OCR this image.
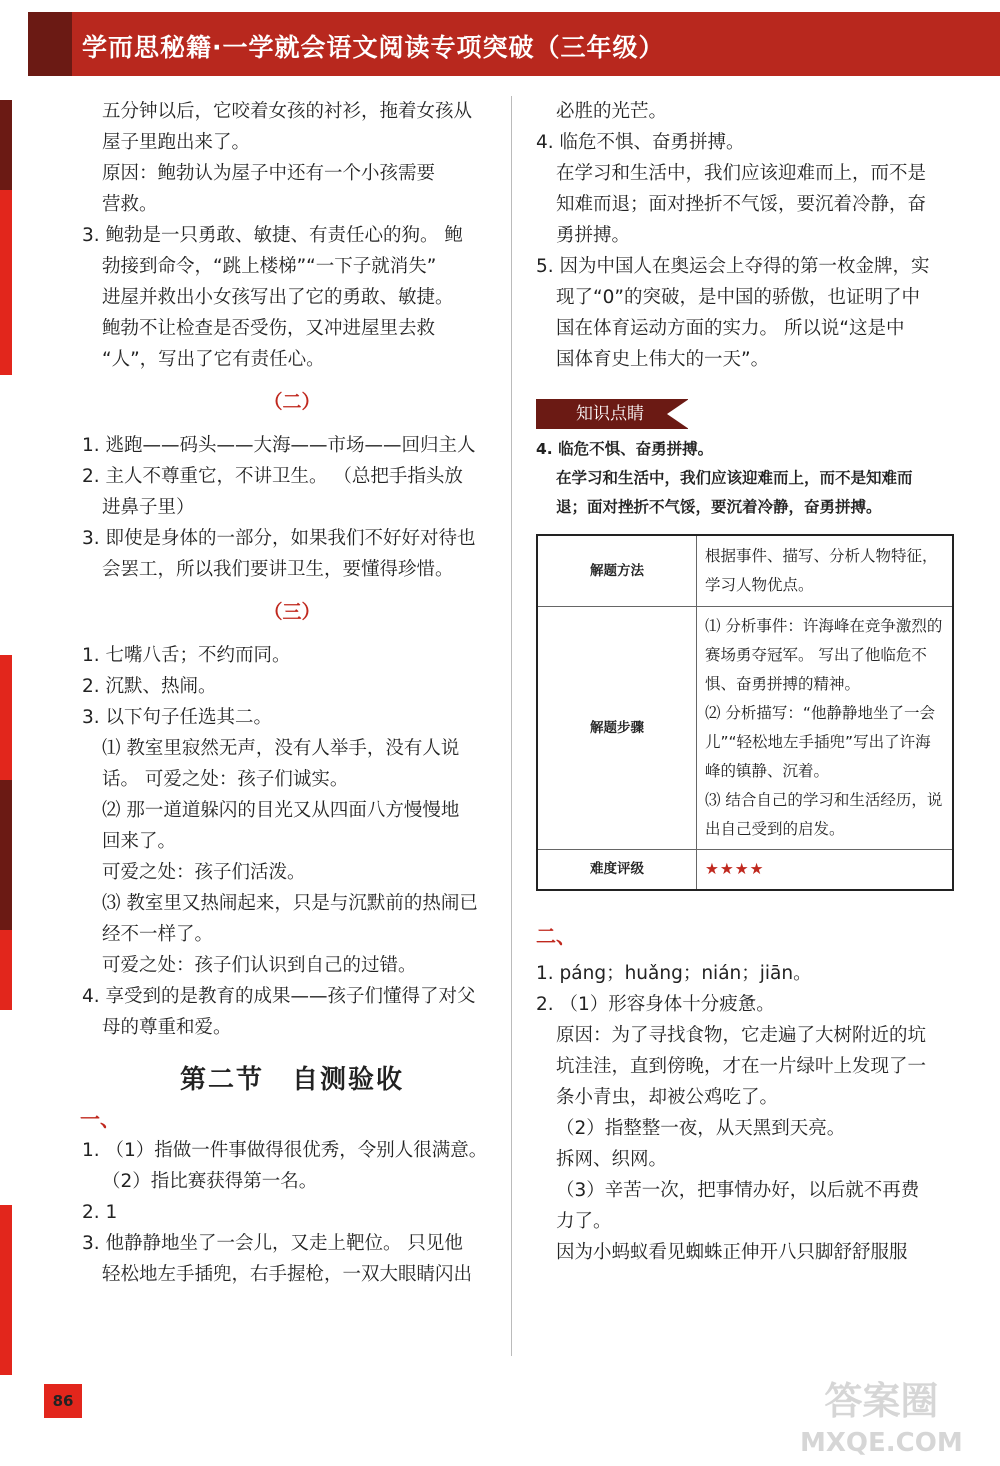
学而思秘籍·一学就会语文阅读专项突破（三年级）

五分钟以后，它咬着女孩的衬衫，拖着女孩从

屋子里跑出来了。

原因：鲍勃认为屋子中还有一个小孩需要

营救。

3. 鲍勃是一只勇敢、敏捷、有责任心的狗。 鲍

勃接到命令，“跳上楼梯”“一下子就消失”

进屋并救出小女孩写出了它的勇敢、敏捷。

鲍勃不让检查是否受伤，又冲进屋里去救

“人”，写出了它有责任心。

（二）

1. 逃跑——码头——大海——市场——回归主人

2. 主人不尊重它，不讲卫生。 （总把手指头放

进鼻子里）

3. 即使是身体的一部分，如果我们不好好对待也

会罢工，所以我们要讲卫生，要懂得珍惜。

（三）

1. 七嘴八舌；不约而同。

2. 沉默、热闹。

3. 以下句子任选其二。

⑴ 教室里寂然无声，没有人举手，没有人说

话。 可爱之处：孩子们诚实。

⑵ 那一道道躲闪的目光又从四面八方慢慢地

回来了。

可爱之处：孩子们活泼。

⑶ 教室里又热闹起来，只是与沉默前的热闹已

经不一样了。

可爱之处：孩子们认识到自己的过错。

4. 享受到的是教育的成果——孩子们懂得了对父

母的尊重和爱。

第二节 自测验收

一、

1. （1）指做一件事做得很优秀，令别人很满意。

（2）指比赛获得第一名。

2. 1

3. 他静静地坐了一会儿，又走上靶位。 只见他

轻松地左手插兜，右手握枪，一双大眼睛闪出

必胜的光芒。

4. 临危不惧、奋勇拼搏。

在学习和生活中，我们应该迎难而上，而不是

知难而退；面对挫折不气馁，要沉着冷静，奋

勇拼搏。

5. 因为中国人在奥运会上夺得的第一枚金牌，实

现了“0”的突破，是中国的骄傲，也证明了中

国在体育运动方面的实力。 所以说“这是中

国体育史上伟大的一天”。

知识点睛

4. 临危不惧、奋勇拼搏。

在学习和生活中，我们应该迎难而上，而不是知难而

退；面对挫折不气馁，要沉着冷静，奋勇拼搏。

解题方法	根据事件、描写、分析人物特征，学习人物优点。
解题步骤	⑴ 分析事件：许海峰在竞争激烈的赛场勇夺冠军。 写出了他临危不惧、奋勇拼搏的精神。
⑵ 分析描写：“他静静地坐了一会儿”“轻松地左手插兜”写出了许海峰的镇静、沉着。
⑶ 结合自己的学习和生活经历，说出自己受到的启发。

难度评级	★★★★

二、

1. páng；huǎng；nián；jiān。

2. （1）形容身体十分疲惫。

原因：为了寻找食物，它走遍了大树附近的坑

坑洼洼，直到傍晚，才在一片绿叶上发现了一

条小青虫，却被公鸡吃了。

（2）指整整一夜，从天黑到天亮。

拆网、织网。

（3）辛苦一次，把事情办好，以后就不再费

力了。

因为小蚂蚁看见蜘蛛正伸开八只脚舒舒服服

86	答案圈
MXQE.COM
